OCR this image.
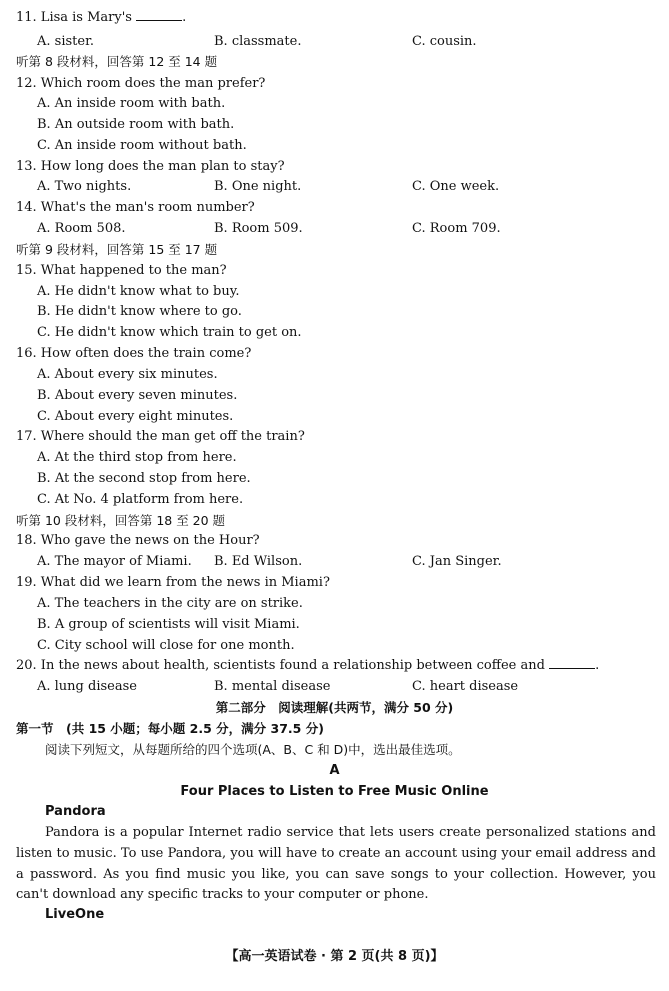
11. Lisa is Mary's	.
A. sister.	B. classmate.	C. cousin.
听第 8 段材料，回答第 12 至 14 题
12. Which room does the man prefer?
A. An inside room with bath.
B. An outside room with bath.
C. An inside room without bath.
13. How long does the man plan to stay?
A. Two nights.	B. One night.	C. One week.
14. What's the man's room number?
A. Room 508.	B. Room 509.	C. Room 709.
听第 9 段材料，回答第 15 至 17 题
15. What happened to the man?
A. He didn't know what to buy.
B. He didn't know where to go.
C. He didn't know which train to get on.
16. How often does the train come?
A. About every six minutes.
B. About every seven minutes.
C. About every eight minutes.
17. Where should the man get off the train?
A. At the third stop from here.
B. At the second stop from here.
C. At No. 4 platform from here.
听第 10 段材料，回答第 18 至 20 题
18. Who gave the news on the Hour?
A. The mayor of Miami. B. Ed Wilson.	C. Jan Singer.
19. What did we learn from the news in Miami?
A. The teachers in the city are on strike.
B. A group of scientists will visit Miami.
C. City school will close for one month.
20. In the news about health, scientists found a relationship between coffee and	.
A. lung disease	B. mental disease	C. heart disease
第二部分　阅读理解(共两节，满分 50 分)
第一节　(共 15 小题；每小题 2.5 分，满分 37.5 分)
阅读下列短文，从每题所给的四个选项(A、B、C 和 D)中，选出最佳选项。
A
Four Places to Listen to Free Music Online
Pandora
Pandora is a popular Internet radio service that lets users create personalized stations and listen to music. To use Pandora, you will have to create an account using your email address and a password. As you find music you like, you can save songs to your collection. However, you can't download any specific tracks to your computer or phone.
LiveOne
【高一英语试卷 · 第 2 页(共 8 页)】
